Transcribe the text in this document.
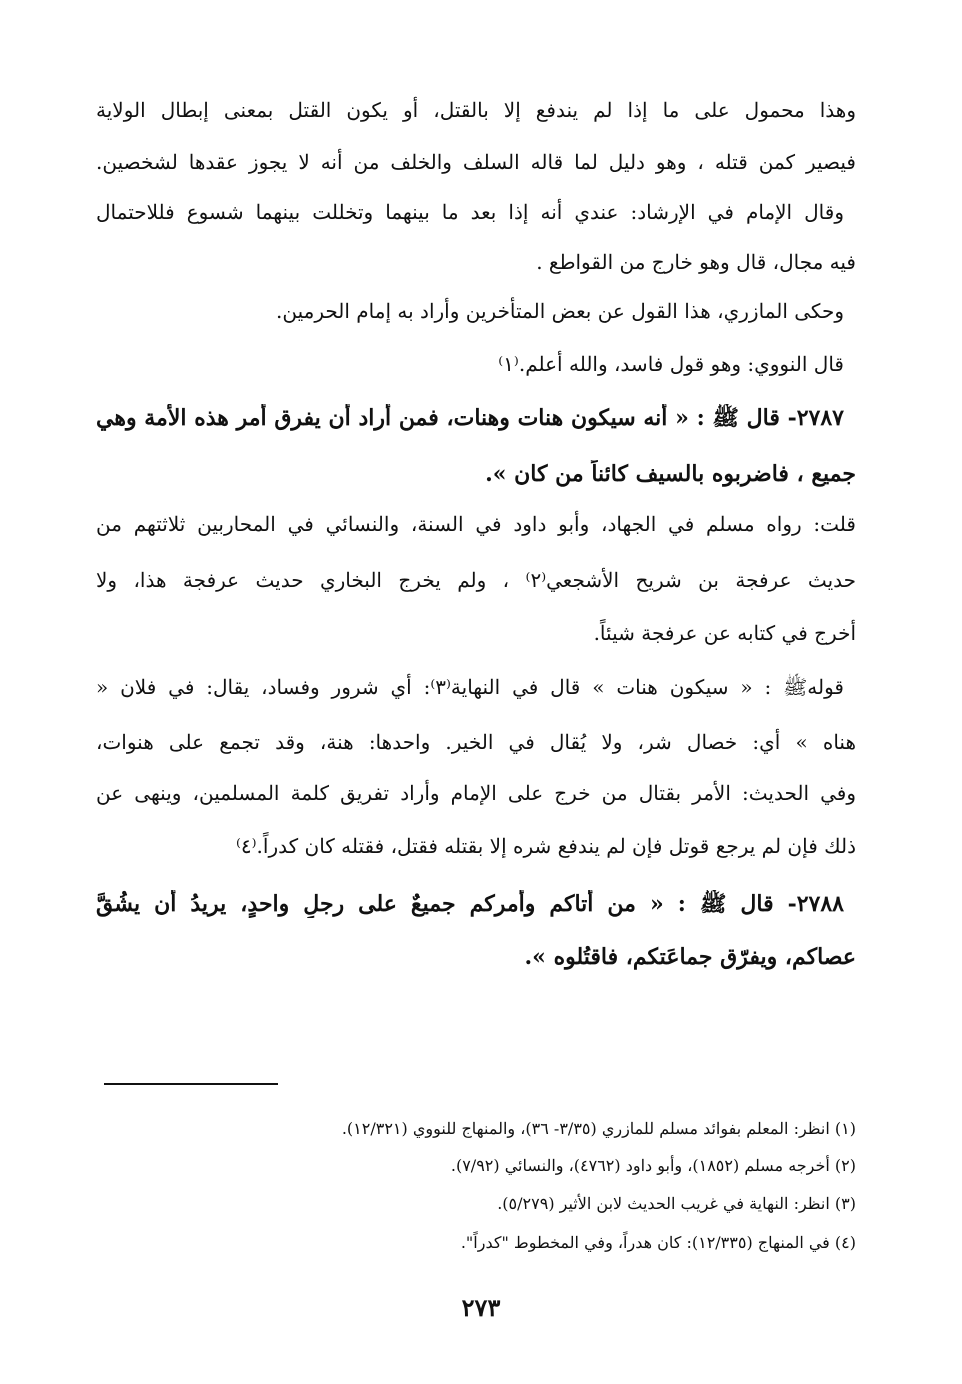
وهذا محمول على ما إذا لم يندفع إلا بالقتل، أو يكون القتل بمعنى إبطال الولاية

فيصير كمن قتله ، وهو دليل لما قاله السلف والخلف من أنه لا يجوز عقدها لشخصين.

وقال الإمام في الإرشاد: عندي أنه إذا بعد ما بينهما وتخللت بينهما شسوع فللاحتمال

فيه مجال، قال وهو خارج من القواطع .

وحكى المازري، هذا القول عن بعض المتأخرين وأراد به إمام الحرمين.

قال النووي: وهو قول فاسد، والله أعلم.⁽١⁾

٢٧٨٧- قال ﷺ : « أنه سيكون هنات وهنات، فمن أراد أن يفرق أمر هذه الأمة وهي

جميع ، فاضربوه بالسيف كائناً من كان ».

قلت: رواه مسلم في الجهاد، وأبو داود في السنة، والنسائي في المحاربين ثلاثتهم من

حديث عرفجة بن شريح الأشجعي⁽٢⁾ ، ولم يخرج البخاري حديث عرفجة هذا، ولا

أخرج في كتابه عن عرفجة شيئاً.

قولهﷺ : « سيكون هنات » قال في النهاية⁽٣⁾: أي شرور وفساد، يقال: في فلان «

هناه » أي: خصال شر، ولا يُقال في الخير. واحدها: هنة، وقد تجمع على هنوات،

وفي الحديث: الأمر بقتال من خرج على الإمام وأراد تفريق كلمة المسلمين، وينهى عن

ذلك فإن لم يرجع قوتل فإن لم يندفع شره إلا بقتله فقتل، فقتله كان كدراً.⁽٤⁾

٢٧٨٨- قال ﷺ : « من أتاكم وأمركم جميعٌ على رجلٍ واحدٍ، يريدُ أن يشُقَّ

عصاكم، ويفرّق جماعَتكم، فاقتُلوه ».

(١) انظر: المعلم بفوائد مسلم للمازري (٣/٣٥- ٣٦)، والمنهاج للنووي (١٢/٣٢١).
(٢) أخرجه مسلم (١٨٥٢)، وأبو داود (٤٧٦٢)، والنسائي (٧/٩٢).
(٣) انظر: النهاية في غريب الحديث لابن الأثير (٥/٢٧٩).
(٤) في المنهاج (١٢/٣٣٥): كان هدراً، وفي المخطوط "كدراً".
٢٧٣
